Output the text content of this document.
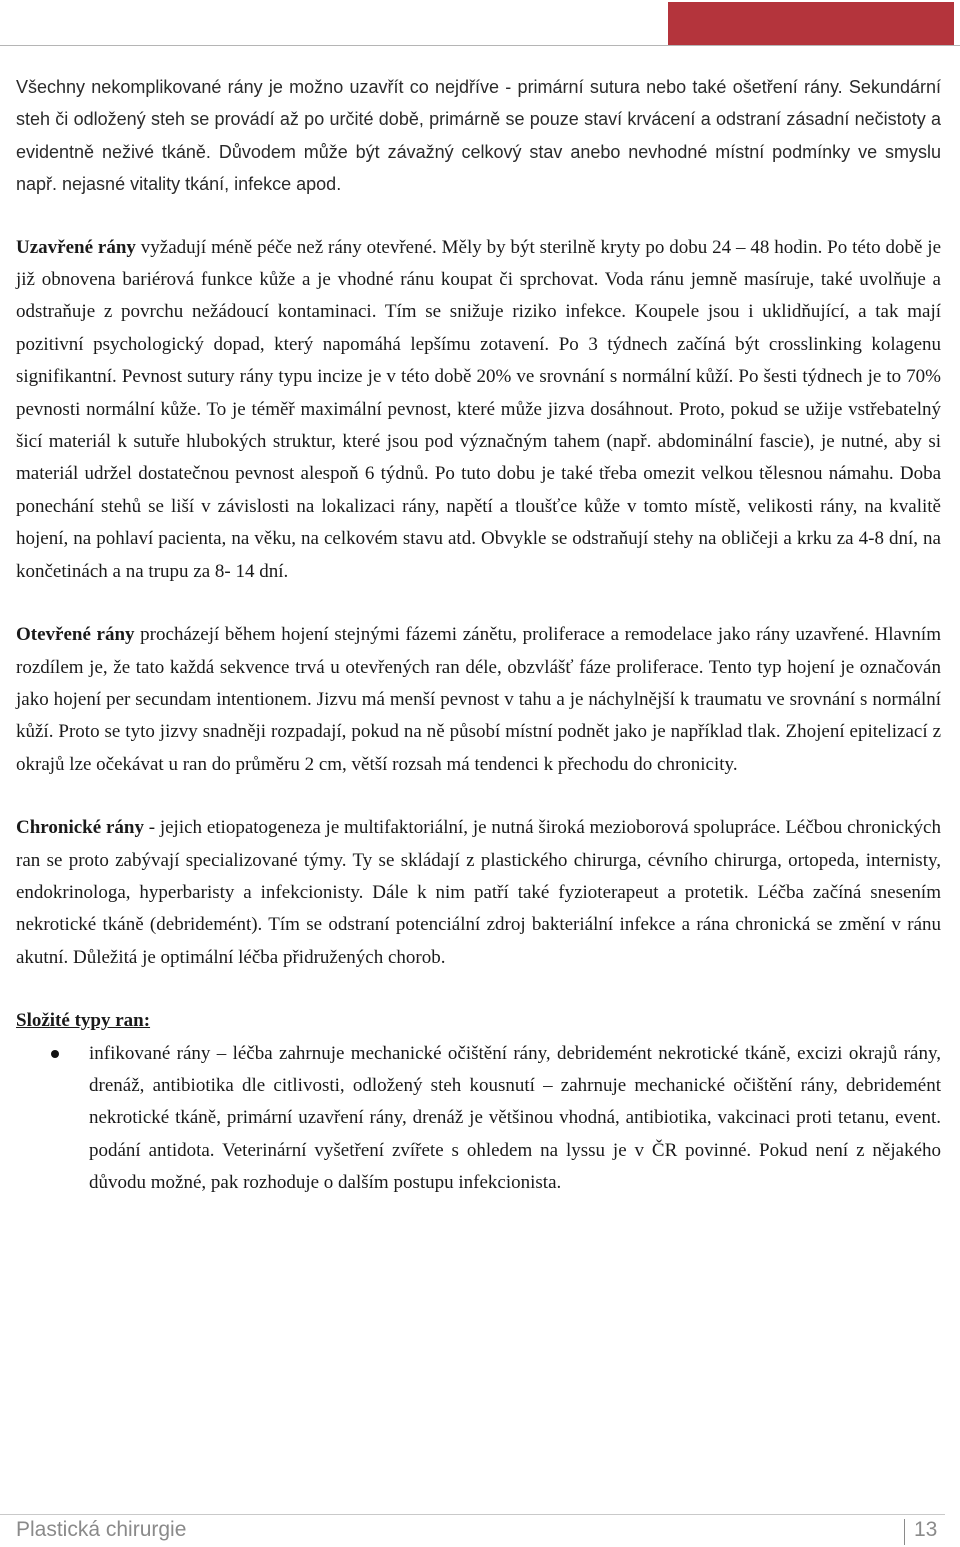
Všechny nekomplikované rány je možno uzavřít co nejdříve - primární sutura nebo také ošetření rány. Sekundární steh či odložený steh se provádí až po určité době, primárně se pouze staví krvácení a odstraní zásadní nečistoty a evidentně neživé tkáně. Důvodem může být závažný celkový stav anebo nevhodné místní podmínky ve smyslu např. nejasné vitality tkání, infekce apod.

Uzavřené rány vyžadují méně péče než rány otevřené. Měly by být sterilně kryty po dobu 24 – 48 hodin. Po této době je již obnovena bariérová funkce kůže a je vhodné ránu koupat či sprchovat. Voda ránu jemně masíruje, také uvolňuje a odstraňuje z povrchu nežádoucí kontaminaci. Tím se snižuje riziko infekce. Koupele jsou i uklidňující, a tak mají pozitivní psychologický dopad, který napomáhá lepšímu zotavení. Po 3 týdnech začíná být crosslinking kolagenu signifikantní. Pevnost sutury rány typu incize je v této době 20% ve srovnání s normální kůží. Po šesti týdnech je to 70% pevnosti normální kůže. To je téměř maximální pevnost, které může jizva dosáhnout. Proto, pokud se užije vstřebatelný šicí materiál k sutuře hlubokých struktur, které jsou pod význačným tahem (např. abdominální fascie), je nutné, aby si materiál udržel dostatečnou pevnost alespoň 6 týdnů. Po tuto dobu je také třeba omezit velkou tělesnou námahu. Doba ponechání stehů se liší v závislosti na lokalizaci rány, napětí a tloušťce kůže v tomto místě, velikosti rány, na kvalitě hojení, na pohlaví pacienta, na věku, na celkovém stavu atd. Obvykle se odstraňují stehy na obličeji a krku za 4-8 dní, na končetinách a na trupu za 8- 14 dní.

Otevřené rány procházejí během hojení stejnými fázemi zánětu, proliferace a remodelace jako rány uzavřené. Hlavním rozdílem je, že tato každá sekvence trvá u otevřených ran déle, obzvlášť fáze proliferace. Tento typ hojení je označován jako hojení per secundam intentionem. Jizvu má menší pevnost v tahu a je náchylnější k traumatu ve srovnání s normální kůží. Proto se tyto jizvy snadněji rozpadají, pokud na ně působí místní podnět jako je například tlak. Zhojení epitelizací z okrajů lze očekávat u ran do průměru 2 cm, větší rozsah má tendenci k přechodu do chronicity.

Chronické rány - jejich etiopatogeneza je multifaktoriální, je nutná široká mezioborová spolupráce. Léčbou chronických ran se proto zabývají specializované týmy. Ty se skládají z plastického chirurga, cévního chirurga, ortopeda, internisty, endokrinologa, hyperbaristy a infekcionisty. Dále k nim patří také fyzioterapeut a protetik. Léčba začíná snesením nekrotické tkáně (debridemént). Tím se odstraní potenciální zdroj bakteriální infekce a rána chronická se změní v ránu akutní. Důležitá je optimální léčba přidružených chorob.

Složité typy ran:

infikované rány – léčba zahrnuje mechanické očištění rány, debridemént nekrotické tkáně, excizi okrajů rány, drenáž, antibiotika dle citlivosti, odložený steh kousnutí – zahrnuje mechanické očištění rány, debridemént nekrotické tkáně, primární uzavření rány, drenáž je většinou vhodná, antibiotika, vakcinaci proti tetanu, event. podání antidota. Veterinární vyšetření zvířete s ohledem na lyssu je v ČR povinné. Pokud není z nějakého důvodu možné, pak rozhoduje o dalším postupu infekcionista.
Plastická chirurgie	13
